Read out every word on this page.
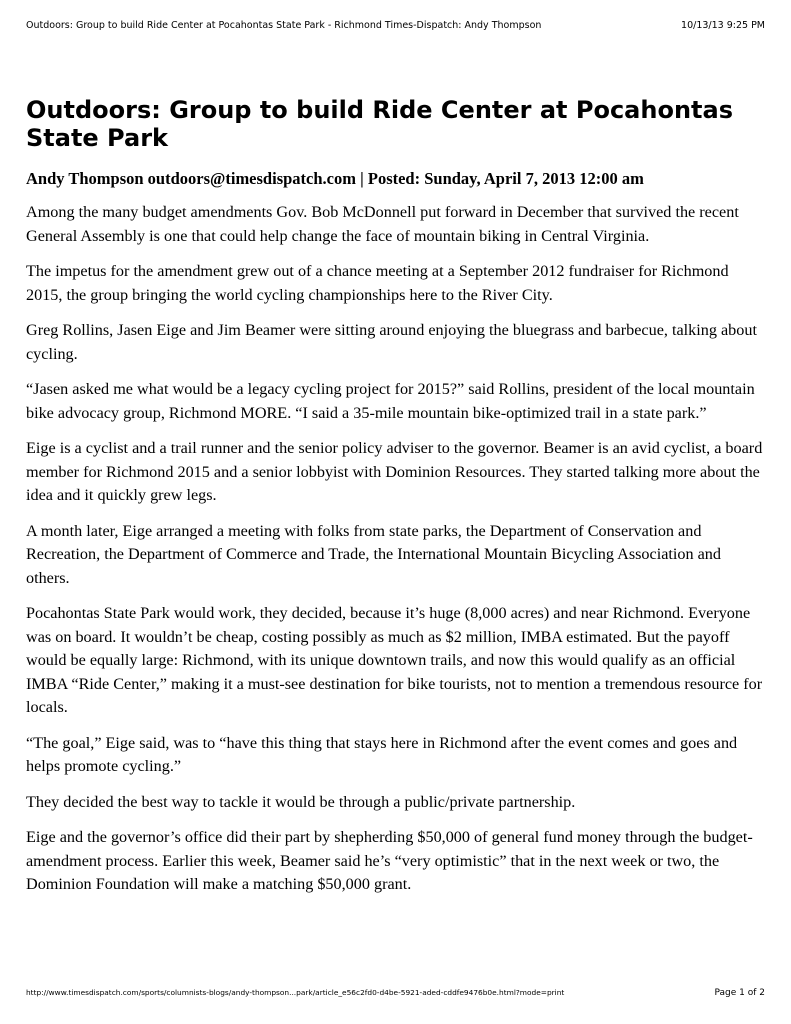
Outdoors: Group to build Ride Center at Pocahontas State Park - Richmond Times-Dispatch: Andy Thompson	10/13/13 9:25 PM
Outdoors: Group to build Ride Center at Pocahontas State Park
Andy Thompson outdoors@timesdispatch.com | Posted: Sunday, April 7, 2013 12:00 am

Among the many budget amendments Gov. Bob McDonnell put forward in December that survived the recent General Assembly is one that could help change the face of mountain biking in Central Virginia.

The impetus for the amendment grew out of a chance meeting at a September 2012 fundraiser for Richmond 2015, the group bringing the world cycling championships here to the River City.

Greg Rollins, Jasen Eige and Jim Beamer were sitting around enjoying the bluegrass and barbecue, talking about cycling.

“Jasen asked me what would be a legacy cycling project for 2015?” said Rollins, president of the local mountain bike advocacy group, Richmond MORE. “I said a 35-mile mountain bike-optimized trail in a state park.”

Eige is a cyclist and a trail runner and the senior policy adviser to the governor. Beamer is an avid cyclist, a board member for Richmond 2015 and a senior lobbyist with Dominion Resources. They started talking more about the idea and it quickly grew legs.

A month later, Eige arranged a meeting with folks from state parks, the Department of Conservation and Recreation, the Department of Commerce and Trade, the International Mountain Bicycling Association and others.

Pocahontas State Park would work, they decided, because it’s huge (8,000 acres) and near Richmond. Everyone was on board. It wouldn’t be cheap, costing possibly as much as $2 million, IMBA estimated. But the payoff would be equally large: Richmond, with its unique downtown trails, and now this would qualify as an official IMBA “Ride Center,” making it a must-see destination for bike tourists, not to mention a tremendous resource for locals.

“The goal,” Eige said, was to “have this thing that stays here in Richmond after the event comes and goes and helps promote cycling.”

They decided the best way to tackle it would be through a public/private partnership.

Eige and the governor’s office did their part by shepherding $50,000 of general fund money through the budget-amendment process. Earlier this week, Beamer said he’s “very optimistic” that in the next week or two, the Dominion Foundation will make a matching $50,000 grant.

http://www.timesdispatch.com/sports/columnists-blogs/andy-thompson...park/article_e56c2fd0-d4be-5921-aded-cddfe9476b0e.html?mode=print	Page 1 of 2
